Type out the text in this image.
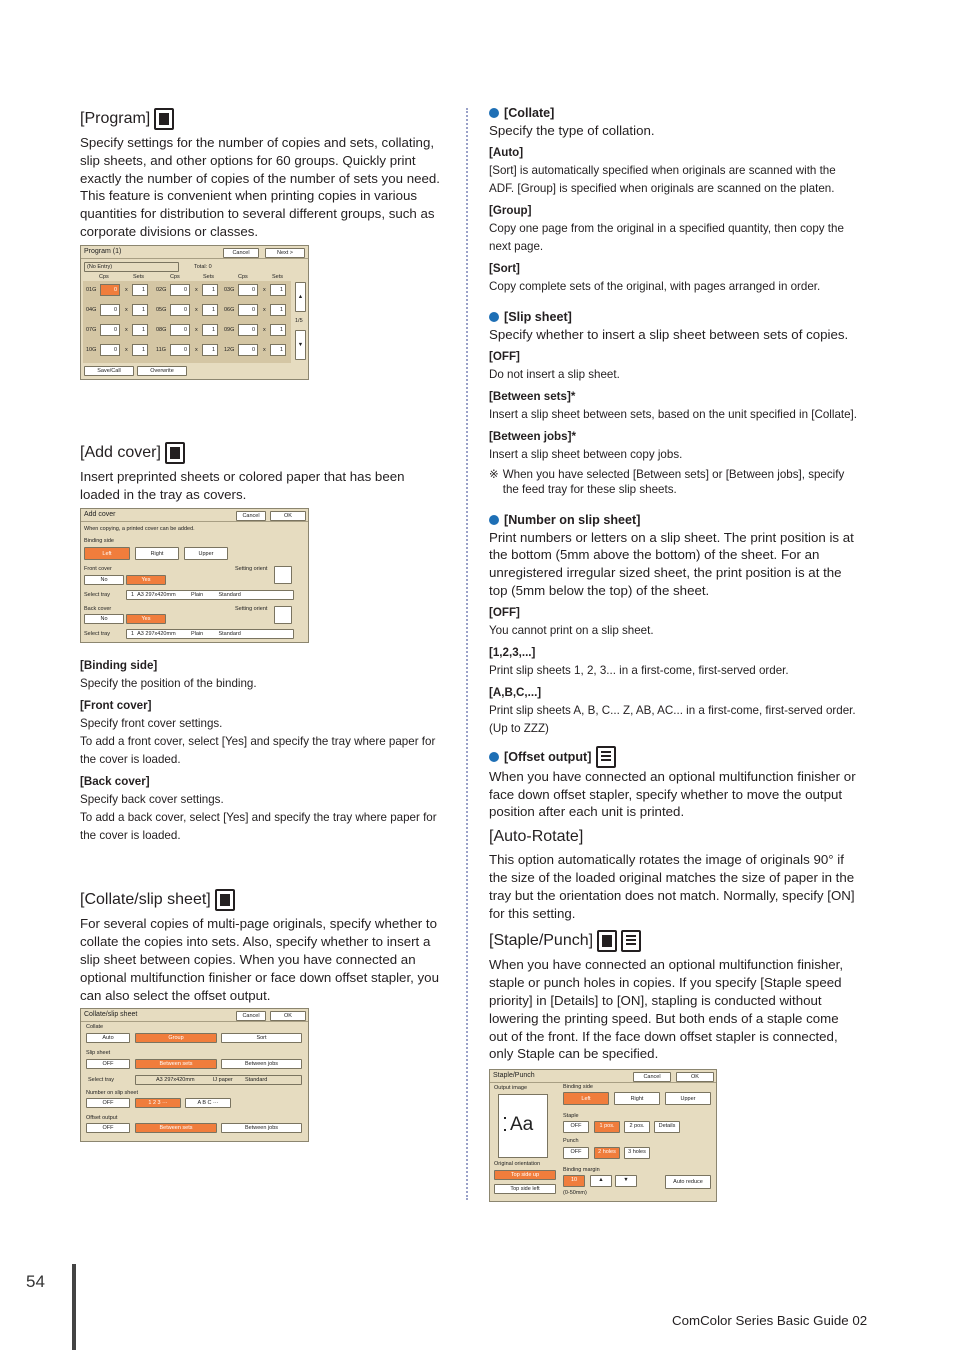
[Program]

Specify settings for the number of copies and sets, collating, slip sheets, and other options for 60 groups. Quickly print exactly the number of copies of the number of sets you need. This feature is convenient when printing copies in various quantities for distribution to several different groups, such as corporate divisions or classes.

Program (1)	Cancel	Next >
(No Entry)	Total: 0
Cps	Sets	Cps	Sets	Cps	Sets
01G	0	x	1	02G	0	x	1	03G	0	x	1
04G	0	x	1	05G	0	x	1	06G	0	x	1
07G	0	x	1	08G	0	x	1	09G	0	x	1
10G	0	x	1	11G	0	x	1	12G	0	x	1
▲
1/5
▼
Save/Call	Overwrite
[Add cover]

Insert preprinted sheets or colored paper that has been loaded in the tray as covers.

Add cover	Cancel	OK
When copying, a printed cover can be added.
Binding side
Left	Right	Upper
Front cover	Setting orient
No	Yes
Select tray	1 A3 297x420mm	Plain	Standard
Back cover	Setting orient
No	Yes
Select tray	1 A3 297x420mm	Plain	Standard

[Binding side]

Specify the position of the binding.

[Front cover]

Specify front cover settings.

To add a front cover, select [Yes] and specify the tray where paper for the cover is loaded.

[Back cover]

Specify back cover settings.

To add a back cover, select [Yes] and specify the tray where paper for the cover is loaded.

[Collate/slip sheet]

For several copies of multi-page originals, specify whether to collate the copies into sets. Also, specify whether to insert a slip sheet between copies. When you have connected an optional multifunction finisher or face down offset stapler, you can also select the offset output.

Collate/slip sheet	Cancel	OK
Collate
Auto	Group	Sort
Slip sheet
OFF	Between sets	Between jobs
Select tray	A3 297x420mm	IJ paper Standard
Number on slip sheet
OFF	1 2 3 ···	A B C ···
Offset output
OFF	Between sets	Between jobs
[Collate]

Specify the type of collation.

[Auto]

[Sort] is automatically specified when originals are scanned with the ADF. [Group] is specified when originals are scanned on the platen.

[Group]

Copy one page from the original in a specified quantity, then copy the next page.

[Sort]

Copy complete sets of the original, with pages arranged in order.

[Slip sheet]

Specify whether to insert a slip sheet between sets of copies.

[OFF]

Do not insert a slip sheet.

[Between sets]*

Insert a slip sheet between sets, based on the unit specified in [Collate].

[Between jobs]*

Insert a slip sheet between copy jobs.

※ When you have selected [Between sets] or [Between jobs], specify the feed tray for these slip sheets.
[Number on slip sheet]

Print numbers or letters on a slip sheet. The print position is at the bottom (5mm above the bottom) of the sheet. For an unregistered irregular sized sheet, the print position is at the top (5mm below the top) of the sheet.

[OFF]

You cannot print on a slip sheet.

[1,2,3,...]

Print slip sheets 1, 2, 3... in a first-come, first-served order.

[A,B,C,...]

Print slip sheets A, B, C... Z, AB, AC... in a first-come, first-served order. (Up to ZZZ)

[Offset output]

When you have connected an optional multifunction finisher or face down offset stapler, specify whether to move the output position after each unit is printed.

[Auto-Rotate]

This option automatically rotates the image of originals 90° if the size of the loaded original matches the size of paper in the tray but the orientation does not match. Normally, specify [ON] for this setting.

[Staple/Punch]

When you have connected an optional multifunction finisher, staple or punch holes in copies. If you specify [Staple speed priority] in [Details] to [ON], stapling is conducted without lowering the printing speed. But both ends of a staple come out of the front. If the face down offset stapler is connected, only Staple can be specified.

Staple/Punch	Cancel	OK
Output image
Aa
Binding side
Left	Right	Upper
Staple
OFF	1 pos.	2 pos.	Details
Punch
OFF	2 holes	3 holes
Original orientation
Top side up
Top side left
Binding margin
10	▲	▼
(0-50mm)
Auto reduce
54
ComColor Series Basic Guide 02
